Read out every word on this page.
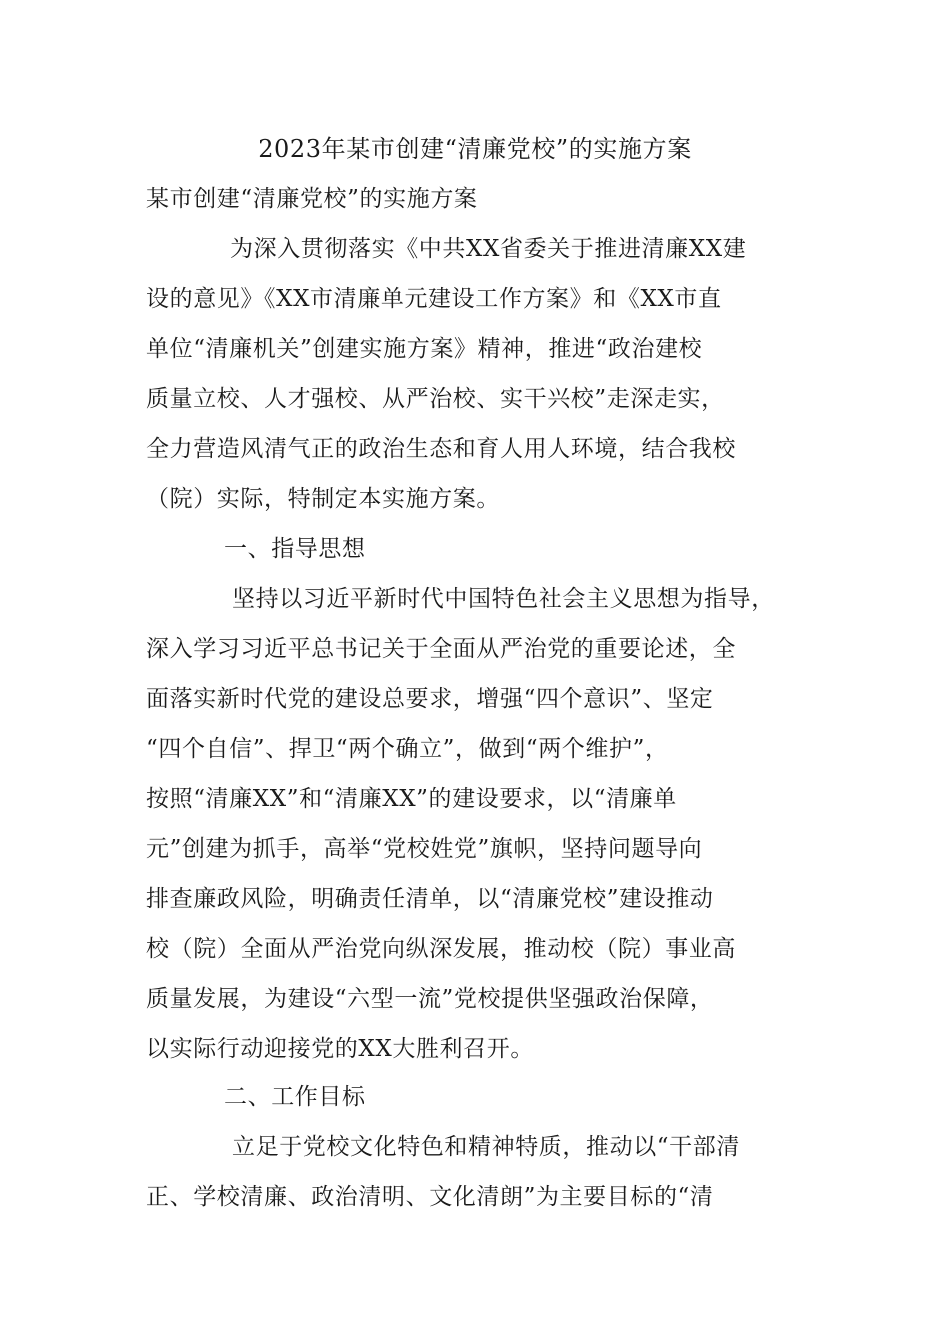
2023年某市创建“清廉党校”的实施方案
某市创建“清廉党校”的实施方案
为深入贯彻落实《中共XX省委关于推进清廉XX建
设的意见》《XX市清廉单元建设工作方案》和《XX市直
单位“清廉机关”创建实施方案》精神，推进“政治建校
质量立校、人才强校、从严治校、实干兴校”走深走实，
全力营造风清气正的政治生态和育人用人环境，结合我校
（院）实际，特制定本实施方案。
一、指导思想
坚持以习近平新时代中国特色社会主义思想为指导，
深入学习习近平总书记关于全面从严治党的重要论述，全
面落实新时代党的建设总要求，增强“四个意识”、坚定
“四个自信”、捍卫“两个确立”，做到“两个维护”，
按照“清廉XX”和“清廉XX”的建设要求，以“清廉单
元”创建为抓手，高举“党校姓党”旗帜，坚持问题导向
排查廉政风险，明确责任清单，以“清廉党校”建设推动
校（院）全面从严治党向纵深发展，推动校（院）事业高
质量发展，为建设“六型一流”党校提供坚强政治保障，
以实际行动迎接党的XX大胜利召开。
二、工作目标
立足于党校文化特色和精神特质，推动以“干部清
正、学校清廉、政治清明、文化清朗”为主要目标的“清
